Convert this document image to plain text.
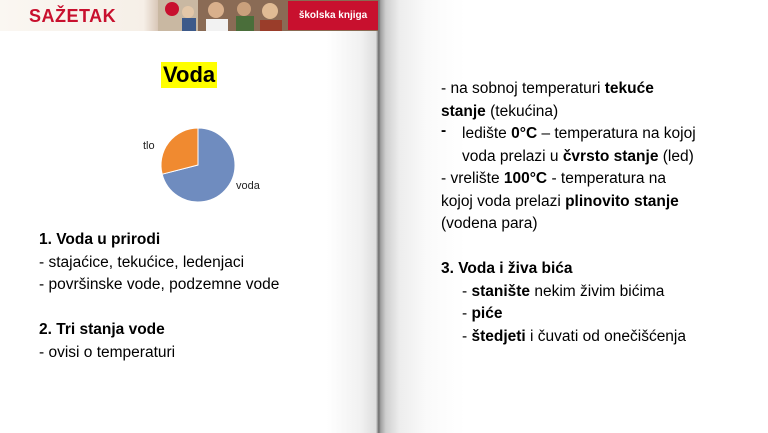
SAŽETAK	školska knjiga
Voda
voda
tlo
1. Voda u prirodi
- stajaćice, tekućice, ledenjaci
- površinske vode, podzemne vode

2. Tri stanja vode
- ovisi o temperaturi
- na sobnoj temperaturi tekuće
stanje (tekućina)
- ledište 0°C – temperatura na kojoj
voda prelazi u čvrsto stanje (led)
- vrelište 100°C - temperatura na
kojoj voda prelazi plinovito stanje
(vodena para)

3. Voda i živa bića
- stanište nekim živim bićima
- piće
- štedjeti i čuvati od onečišćenja
